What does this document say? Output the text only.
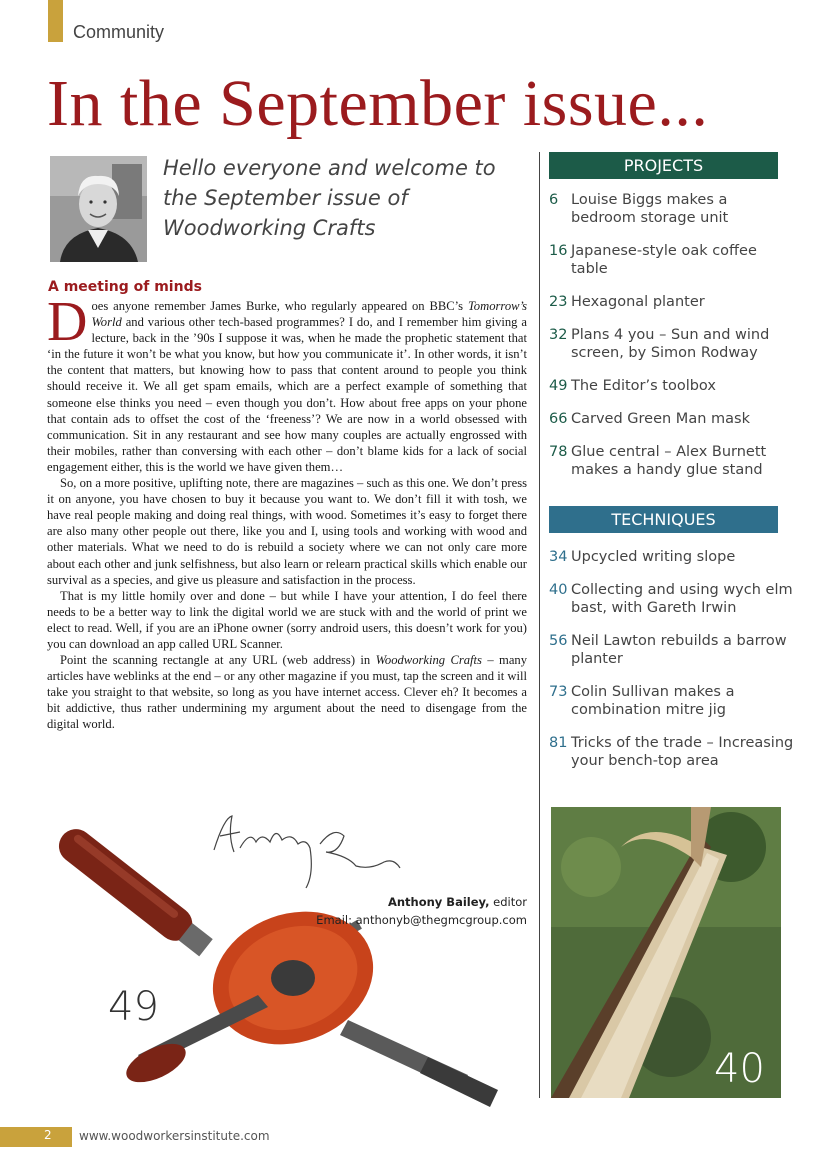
Community
In the September issue...
Hello everyone and welcome to the September issue of Woodworking Crafts
A meeting of minds

Does anyone remember James Burke, who regularly appeared on BBC’s Tomorrow’s World and various other tech-based programmes? I do, and I remember him giving a lecture, back in the ’90s I suppose it was, when he made the prophetic statement that ‘in the future it won’t be what you know, but how you communicate it’. In other words, it isn’t the content that matters, but knowing how to pass that content around to people you think should receive it. We all get spam emails, which are a perfect example of something that someone else thinks you need – even though you don’t. How about free apps on your phone that contain ads to offset the cost of the ‘freeness’? We are now in a world obsessed with communication. Sit in any restaurant and see how many couples are actually engrossed with their mobiles, rather than conversing with each other – don’t blame kids for a lack of social engagement either, this is the world we have given them…

So, on a more positive, uplifting note, there are magazines – such as this one. We don’t press it on anyone, you have chosen to buy it because you want to. We don’t fill it with tosh, we have real people making and doing real things, with wood. Sometimes it’s easy to forget there are also many other people out there, like you and I, using tools and working with wood and other materials. What we need to do is rebuild a society where we can not only care more about each other and junk selfishness, but also learn or relearn practical skills which enable our survival as a species, and give us pleasure and satisfaction in the process.

That is my little homily over and done – but while I have your attention, I do feel there needs to be a better way to link the digital world we are stuck with and the world of print we elect to read. Well, if you are an iPhone owner (sorry android users, this doesn’t work for you) you can download an app called URL Scanner.

Point the scanning rectangle at any URL (web address) in Woodworking Crafts – many articles have weblinks at the end – or any other magazine if you must, tap the screen and it will take you straight to that website, so long as you have internet access. Clever eh? It becomes a bit addictive, thus rather undermining my argument about the need to disengage from the digital world.

Anthony Bailey, editor
Email: anthonyb@thegmcgroup.com
49
PROJECTS
6 Louise Biggs makes a bedroom storage unit
16 Japanese-style oak coffee table
23 Hexagonal planter
32 Plans 4 you – Sun and wind screen, by Simon Rodway
49 The Editor’s toolbox
66 Carved Green Man mask
78 Glue central – Alex Burnett makes a handy glue stand
TECHNIQUES
34 Upcycled writing slope
40 Collecting and using wych elm bast, with Gareth Irwin
56 Neil Lawton rebuilds a barrow planter
73 Colin Sullivan makes a combination mitre jig
81 Tricks of the trade – Increasing your bench-top area
40
2 www.woodworkersinstitute.com
